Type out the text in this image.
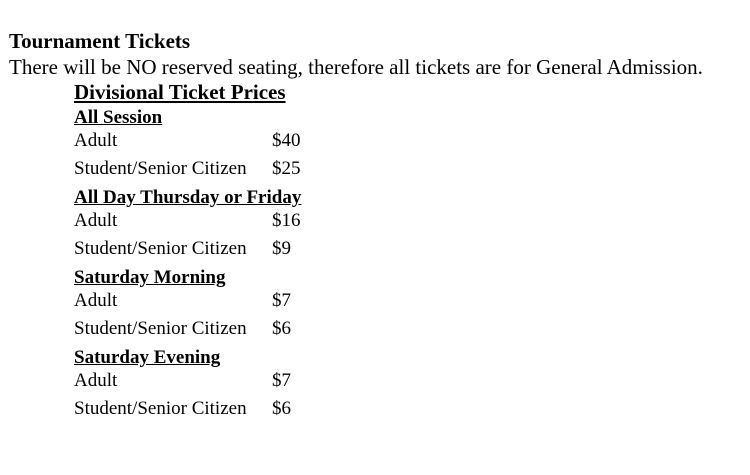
Tournament Tickets
There will be NO reserved seating, therefore all tickets are for General Admission.
Divisional Ticket Prices
All Session
Adult	$40
Student/Senior Citizen $25
All Day Thursday or Friday
Adult	$16
Student/Senior Citizen $9
Saturday Morning
Adult	$7
Student/Senior Citizen $6
Saturday Evening
Adult	$7
Student/Senior Citizen $6
